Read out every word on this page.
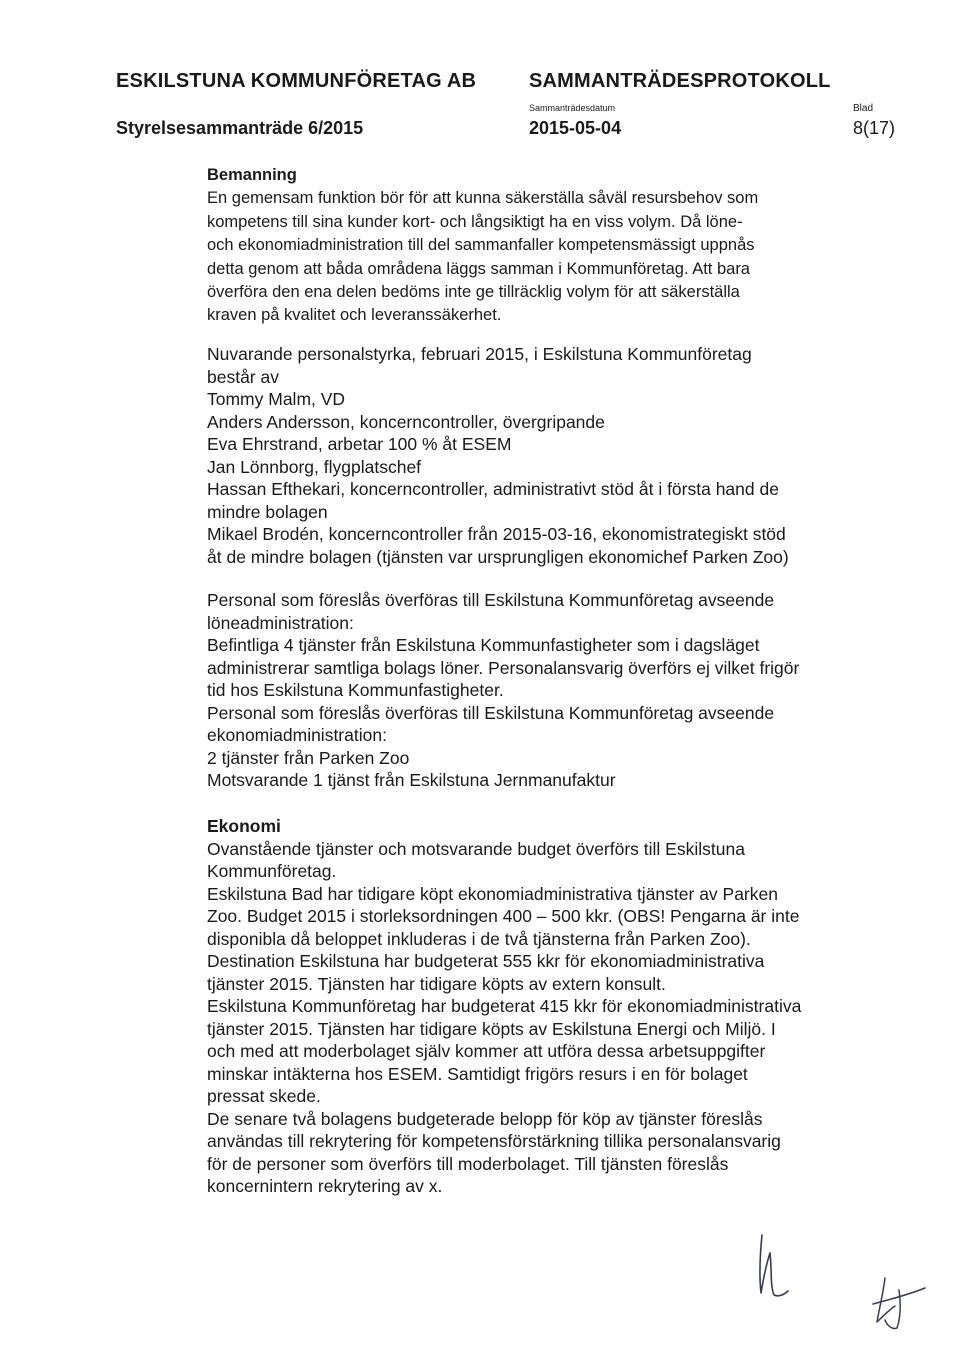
ESKILSTUNA KOMMUNFÖRETAG AB	SAMMANTRÄDESPROTOKOLL
Styrelsesammanträde 6/2015
Sammanträdesdatum
2015-05-04
Blad
8(17)
Bemanning
En gemensam funktion bör för att kunna säkerställa såväl resursbehov som
kompetens till sina kunder kort- och långsiktigt ha en viss volym. Då löne-
och ekonomiadministration till del sammanfaller kompetensmässigt uppnås
detta genom att båda områdena läggs samman i Kommunföretag. Att bara
överföra den ena delen bedöms inte ge tillräcklig volym för att säkerställa
kraven på kvalitet och leveranssäkerhet.
Nuvarande personalstyrka, februari 2015, i Eskilstuna Kommunföretag
består av
Tommy Malm, VD
Anders Andersson, koncerncontroller, övergripande
Eva Ehrstrand, arbetar 100 % åt ESEM
Jan Lönnborg, flygplatschef
Hassan Efthekari, koncerncontroller, administrativt stöd åt i första hand de
mindre bolagen
Mikael Brodén, koncerncontroller från 2015-03-16, ekonomistrategiskt stöd
åt de mindre bolagen (tjänsten var ursprungligen ekonomichef Parken Zoo)
Personal som föreslås överföras till Eskilstuna Kommunföretag avseende
löneadministration:
Befintliga 4 tjänster från Eskilstuna Kommunfastigheter som i dagsläget
administrerar samtliga bolags löner. Personalansvarig överförs ej vilket frigör
tid hos Eskilstuna Kommunfastigheter.
Personal som föreslås överföras till Eskilstuna Kommunföretag avseende
ekonomiadministration:
2 tjänster från Parken Zoo
Motsvarande 1 tjänst från Eskilstuna Jernmanufaktur
Ekonomi
Ovanstående tjänster och motsvarande budget överförs till Eskilstuna
Kommunföretag.
Eskilstuna Bad har tidigare köpt ekonomiadministrativa tjänster av Parken
Zoo. Budget 2015 i storleksordningen 400 – 500 kkr. (OBS! Pengarna är inte
disponibla då beloppet inkluderas i de två tjänsterna från Parken Zoo).
Destination Eskilstuna har budgeterat 555 kkr för ekonomiadministrativa
tjänster 2015. Tjänsten har tidigare köpts av extern konsult.
Eskilstuna Kommunföretag har budgeterat 415 kkr för ekonomiadministrativa
tjänster 2015. Tjänsten har tidigare köpts av Eskilstuna Energi och Miljö. I
och med att moderbolaget själv kommer att utföra dessa arbetsuppgifter
minskar intäkterna hos ESEM. Samtidigt frigörs resurs i en för bolaget
pressat skede.
De senare två bolagens budgeterade belopp för köp av tjänster föreslås
användas till rekrytering för kompetensförstärkning tillika personalansvarig
för de personer som överförs till moderbolaget. Till tjänsten föreslås
koncernintern rekrytering av x.
